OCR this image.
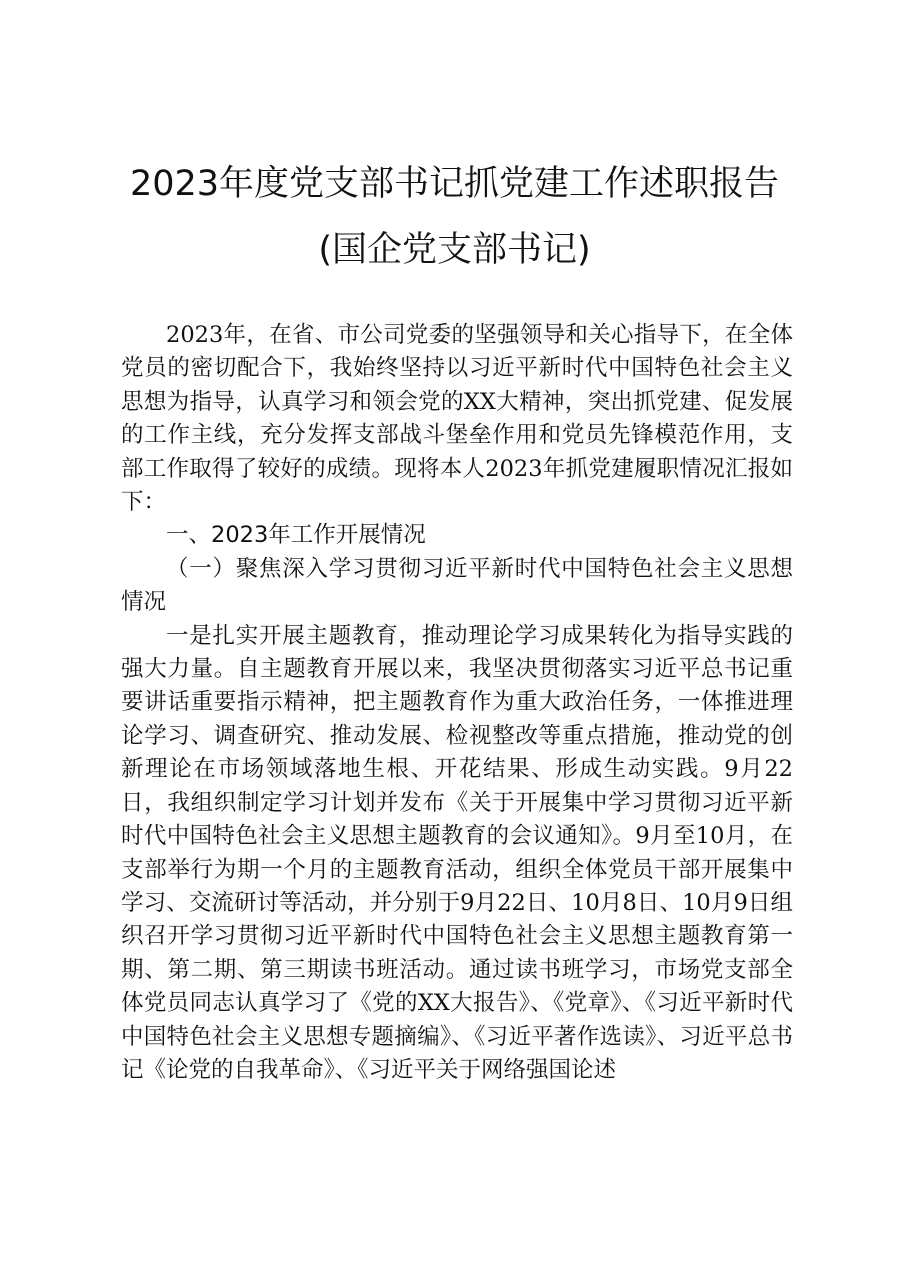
2023年度党支部书记抓党建工作述职报告
(国企党支部书记)

2023年，在省、市公司党委的坚强领导和关心指导下，在全体党员的密切配合下，我始终坚持以习近平新时代中国特色社会主义思想为指导，认真学习和领会党的XX大精神，突出抓党建、促发展的工作主线，充分发挥支部战斗堡垒作用和党员先锋模范作用，支部工作取得了较好的成绩。现将本人2023年抓党建履职情况汇报如下：

一、2023年工作开展情况

（一）聚焦深入学习贯彻习近平新时代中国特色社会主义思想情况

一是扎实开展主题教育，推动理论学习成果转化为指导实践的强大力量。自主题教育开展以来，我坚决贯彻落实习近平总书记重要讲话重要指示精神，把主题教育作为重大政治任务，一体推进理论学习、调查研究、推动发展、检视整改等重点措施，推动党的创新理论在市场领域落地生根、开花结果、形成生动实践。9月22日，我组织制定学习计划并发布《关于开展集中学习贯彻习近平新时代中国特色社会主义思想主题教育的会议通知》。9月至10月，在支部举行为期一个月的主题教育活动，组织全体党员干部开展集中学习、交流研讨等活动，并分别于9月22日、10月8日、10月9日组织召开学习贯彻习近平新时代中国特色社会主义思想主题教育第一期、第二期、第三期读书班活动。通过读书班学习，市场党支部全体党员同志认真学习了《党的XX大报告》、《党章》、《习近平新时代中国特色社会主义思想专题摘编》、《习近平著作选读》、习近平总书记《论党的自我革命》、《习近平关于网络强国论述
